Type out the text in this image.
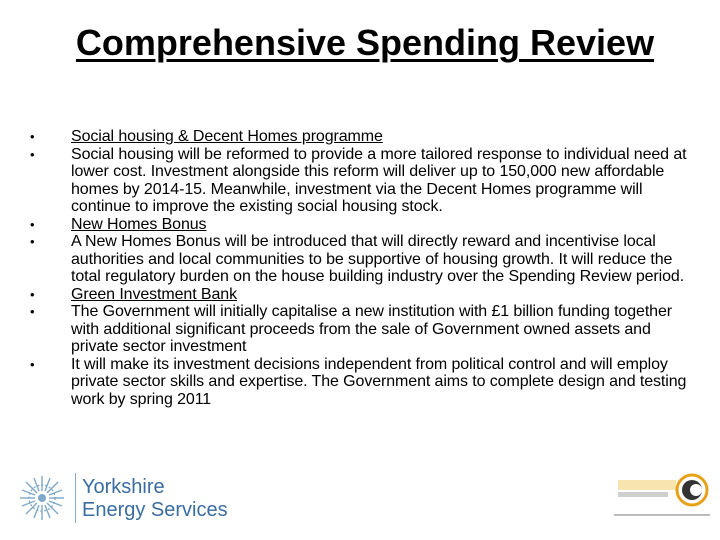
Comprehensive Spending Review
• Social housing & Decent Homes programme
• Social housing will be reformed to provide a more tailored response to individual need at lower cost. Investment alongside this reform will deliver up to 150,000 new affordable homes by 2014-15. Meanwhile, investment via the Decent Homes programme will continue to improve the existing social housing stock.
• New Homes Bonus
• A New Homes Bonus will be introduced that will directly reward and incentivise local authorities and local communities to be supportive of housing growth. It will reduce the total regulatory burden on the house building industry over the Spending Review period.
• Green Investment Bank
• The Government will initially capitalise a new institution with £1 billion funding together with additional significant proceeds from the sale of Government owned assets and private sector investment
• It will make its investment decisions independent from political control and will employ private sector skills and expertise. The Government aims to complete design and testing work by spring 2011
Yorkshire
Energy Services
